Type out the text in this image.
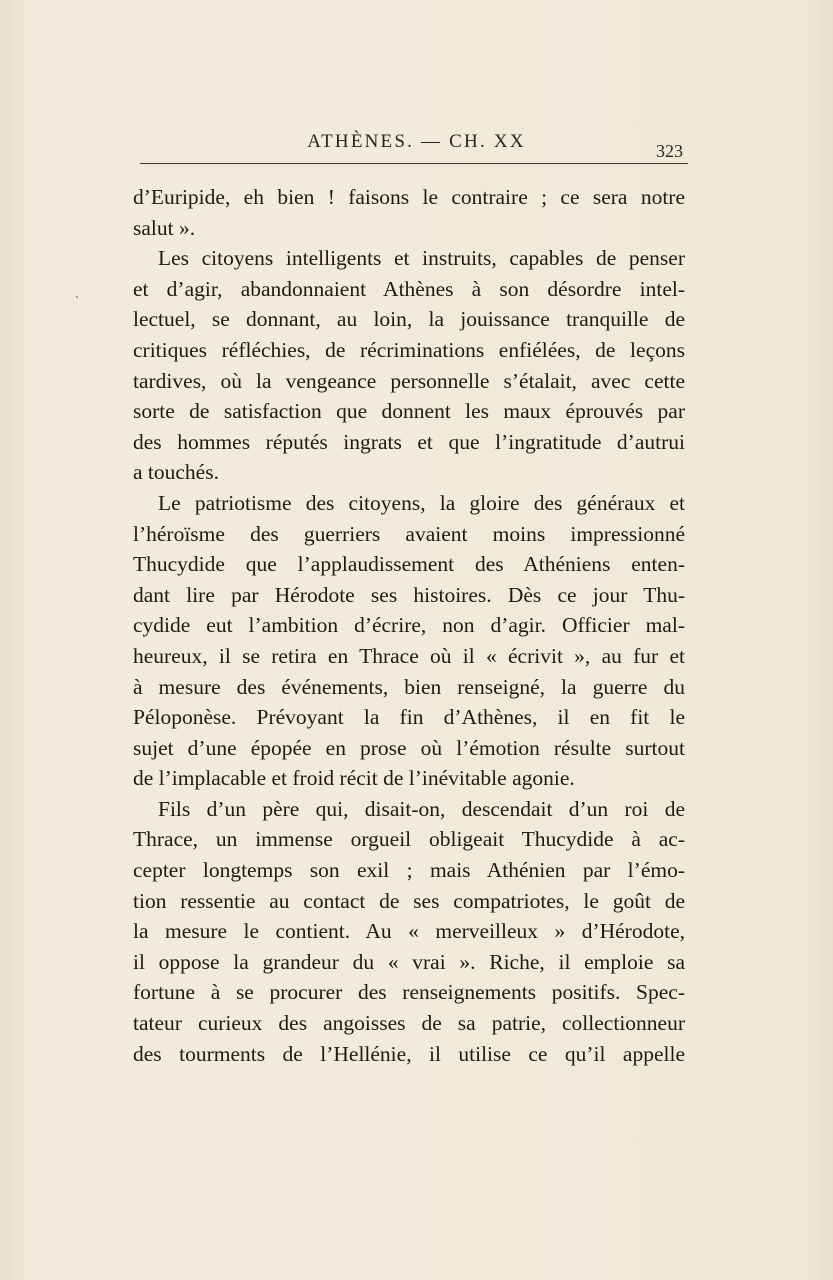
ATHÈNES. — CH. XX	323
d’Euripide, eh bien ! faisons le contraire ; ce sera notre
salut ».
Les citoyens intelligents et instruits, capables de penser
et d’agir, abandonnaient Athènes à son désordre intel-
lectuel, se donnant, au loin, la jouissance tranquille de
critiques réfléchies, de récriminations enfiélées, de leçons
tardives, où la vengeance personnelle s’étalait, avec cette
sorte de satisfaction que donnent les maux éprouvés par
des hommes réputés ingrats et que l’ingratitude d’autrui
a touchés.
Le patriotisme des citoyens, la gloire des généraux et
l’héroïsme des guerriers avaient moins impressionné
Thucydide que l’applaudissement des Athéniens enten-
dant lire par Hérodote ses histoires. Dès ce jour Thu-
cydide eut l’ambition d’écrire, non d’agir. Officier mal-
heureux, il se retira en Thrace où il « écrivit », au fur et
à mesure des événements, bien renseigné, la guerre du
Péloponèse. Prévoyant la fin d’Athènes, il en fit le
sujet d’une épopée en prose où l’émotion résulte surtout
de l’implacable et froid récit de l’inévitable agonie.
Fils d’un père qui, disait-on, descendait d’un roi de
Thrace, un immense orgueil obligeait Thucydide à ac-
cepter longtemps son exil ; mais Athénien par l’émo-
tion ressentie au contact de ses compatriotes, le goût de
la mesure le contient. Au « merveilleux » d’Hérodote,
il oppose la grandeur du « vrai ». Riche, il emploie sa
fortune à se procurer des renseignements positifs. Spec-
tateur curieux des angoisses de sa patrie, collectionneur
des tourments de l’Hellénie, il utilise ce qu’il appelle
